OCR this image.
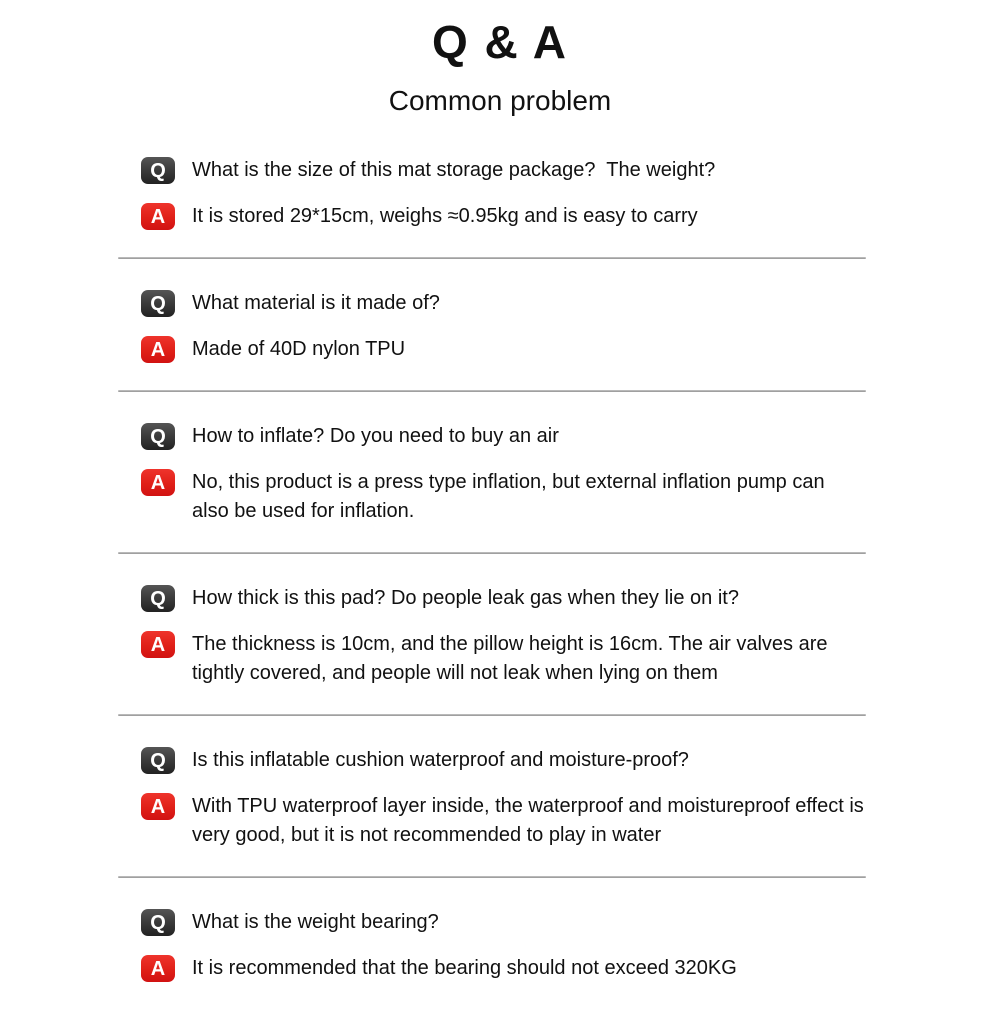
Q & A
Common problem
Q	What is the size of this mat storage package?  The weight?

A	It is stored 29*15cm, weighs ≈0.95kg and is easy to carry

Q	What material is it made of?

A	Made of 40D nylon TPU

Q	How to inflate? Do you need to buy an air

A	No, this product is a press type inflation, but external inflation pump can also be used for inflation.

Q	How thick is this pad? Do people leak gas when they lie on it?

A	The thickness is 10cm, and the pillow height is 16cm. The air valves are tightly covered, and people will not leak when lying on them

Q	Is this inflatable cushion waterproof and moisture-proof?

A	With TPU waterproof layer inside, the waterproof and moistureproof effect is very good, but it is not recommended to play in water

Q	What is the weight bearing?

A	It is recommended that the bearing should not exceed 320KG
